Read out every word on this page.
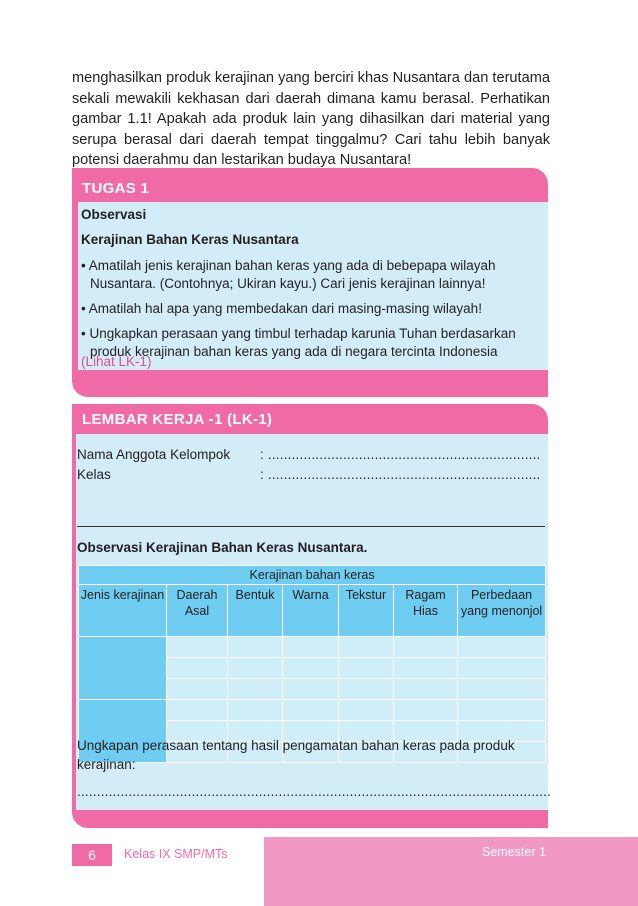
menghasilkan produk kerajinan yang berciri khas Nusantara dan terutama sekali mewakili kekhasan dari daerah dimana kamu berasal. Perhatikan gambar 1.1! Apakah ada produk lain yang dihasilkan dari material yang serupa berasal dari daerah tempat tinggalmu? Cari tahu lebih banyak potensi daerahmu dan lestarikan budaya Nusantara!

TUGAS 1
Observasi
Kerajinan Bahan Keras Nusantara
• Amatilah jenis kerajinan bahan keras yang ada di bebepapa wilayah Nusantara. (Contohnya; Ukiran kayu.) Cari jenis kerajinan lainnya!
• Amatilah hal apa yang membedakan dari masing-masing wilayah!
• Ungkapkan perasaan yang timbul terhadap karunia Tuhan berdasarkan produk kerajinan bahan keras yang ada di negara tercinta Indonesia
(Lihat LK-1)
LEMBAR KERJA -1 (LK-1)
Nama Anggota Kelompok : .....................................................................
Kelas	: .....................................................................
Observasi Kerajinan Bahan Keras Nusantara.
Kerajinan bahan keras						
Jenis kerajinan	Daerah Asal	Bentuk	Warna	Tekstur	Ragam Hias	Perbedaan yang menonjol

Ungkapan perasaan tentang hasil pengamatan bahan keras pada produk kerajinan:

........................................................................................................................
6	Kelas IX SMP/MTs	Semester 1
